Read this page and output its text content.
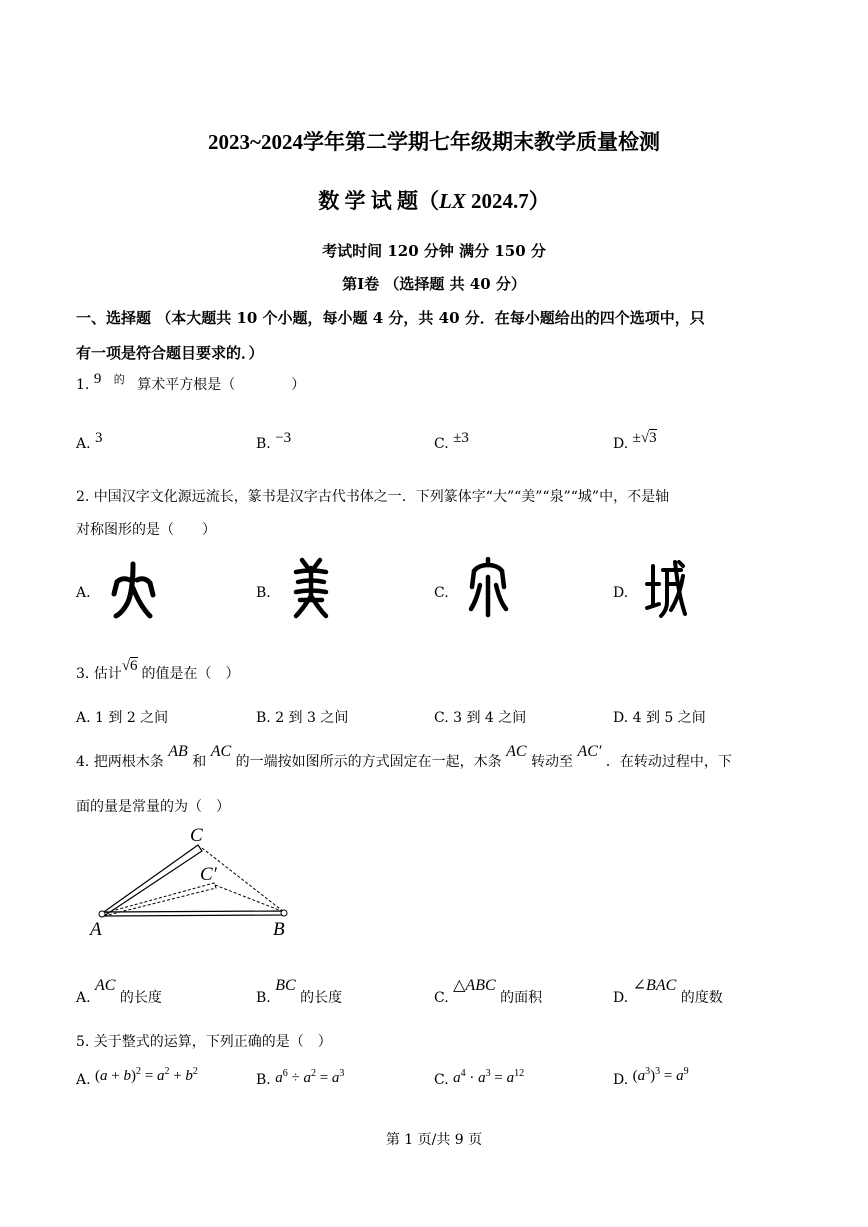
2023~2024学年第二学期七年级期末教学质量检测
数 学 试 题（LX 2024.7）
考试时间 120 分钟 满分 150 分
第Ⅰ卷 （选择题 共 40 分）
一、选择题 （本大题共 10 个小题，每小题 4 分，共 40 分．在每小题给出的四个选项中，只
有一项是符合题目要求的．）
1. 9 $^的$ 算术平方根是（　　　　）
A. 3	B. −3	C. ±3	D. ±√3
2. 中国汉字文化源远流长，篆书是汉字古代书体之一．下列篆体字“大”“美”“泉”“城”中，不是轴
对称图形的是（　　）
A.	B.	C.	D.
3. 估计√6 的值是在（　）
A. 1 到 2 之间	B. 2 到 3 之间	C. 3 到 4 之间	D. 4 到 5 之间
4. 把两根木条 AB 和 AC 的一端按如图所示的方式固定在一起，木条 AC 转动至 AC′ ．在转动过程中，下
面的量是常量的为（　）
C
C′
A	B
A. AC 的长度	B. BC 的长度	C. △ABC 的面积	D. ∠BAC 的度数
5. 关于整式的运算，下列正确的是（　）
A. $(a + b)^2 = a^2 + b^2$
B. $a^6 \div a^2 = a^3$	C. $a^4 \cdot a^3 = a^{12}$	D. $(a^3)^3 = a^9$
第 1 页/共 9 页
